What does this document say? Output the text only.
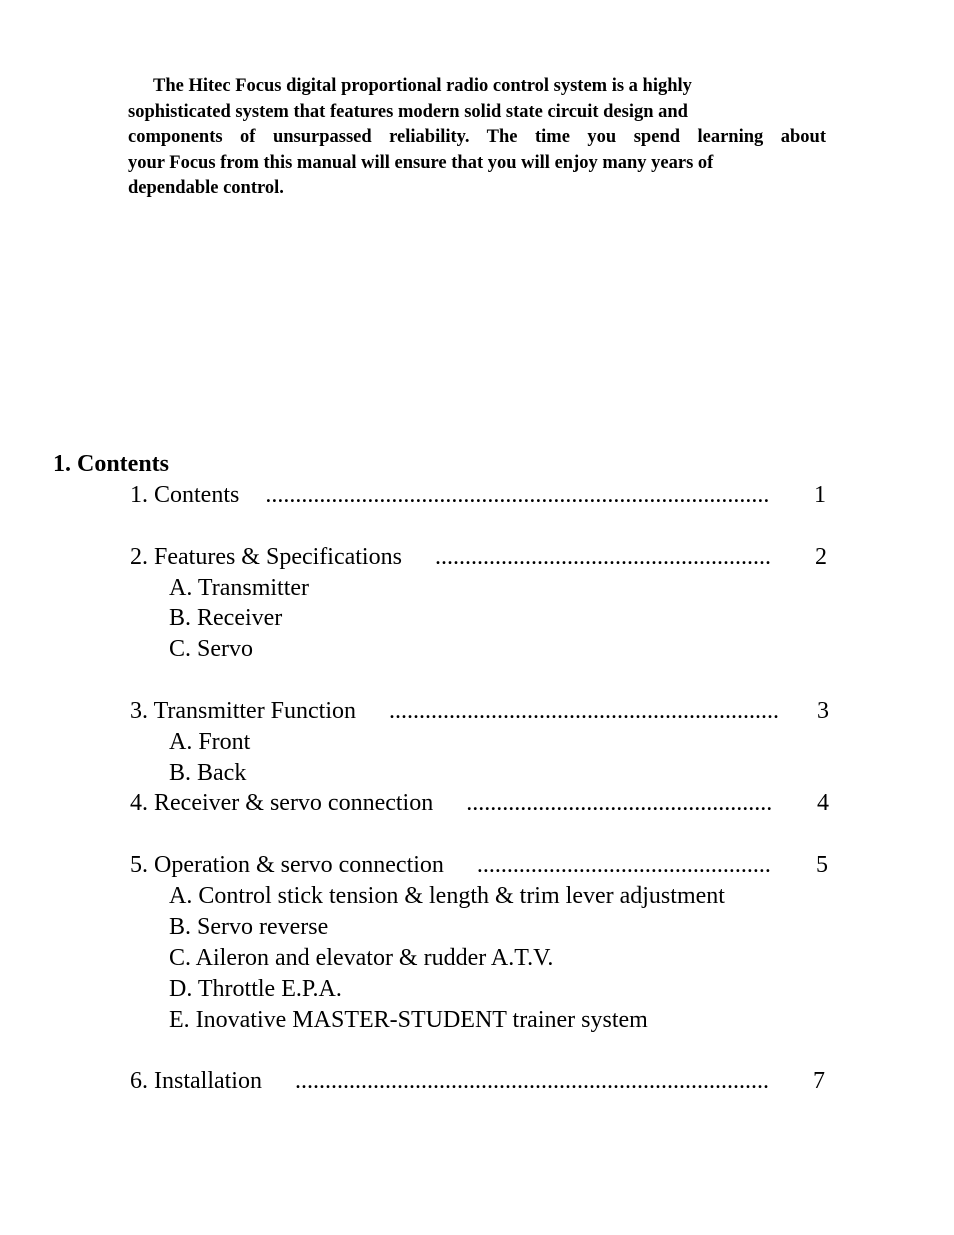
The Hitec Focus digital proportional radio control system is a highly
sophisticated system that features modern solid state circuit design and
components of unsurpassed reliability. The time you spend learning about
your Focus from this manual will ensure that you will enjoy many years of
dependable control.

1. Contents
1. Contents ....................................................................................	1
2. Features & Specifications ........................................................	2
A. Transmitter
B. Receiver
C. Servo
3. Transmitter Function .................................................................	3
A. Front
B. Back
4. Receiver & servo connection ...................................................	4
5. Operation & servo connection .................................................	5
A. Control stick tension & length & trim lever adjustment
B. Servo reverse
C. Aileron and elevator & rudder A.T.V.
D. Throttle E.P.A.
E. Inovative MASTER-STUDENT trainer system
6. Installation ...............................................................................	7
